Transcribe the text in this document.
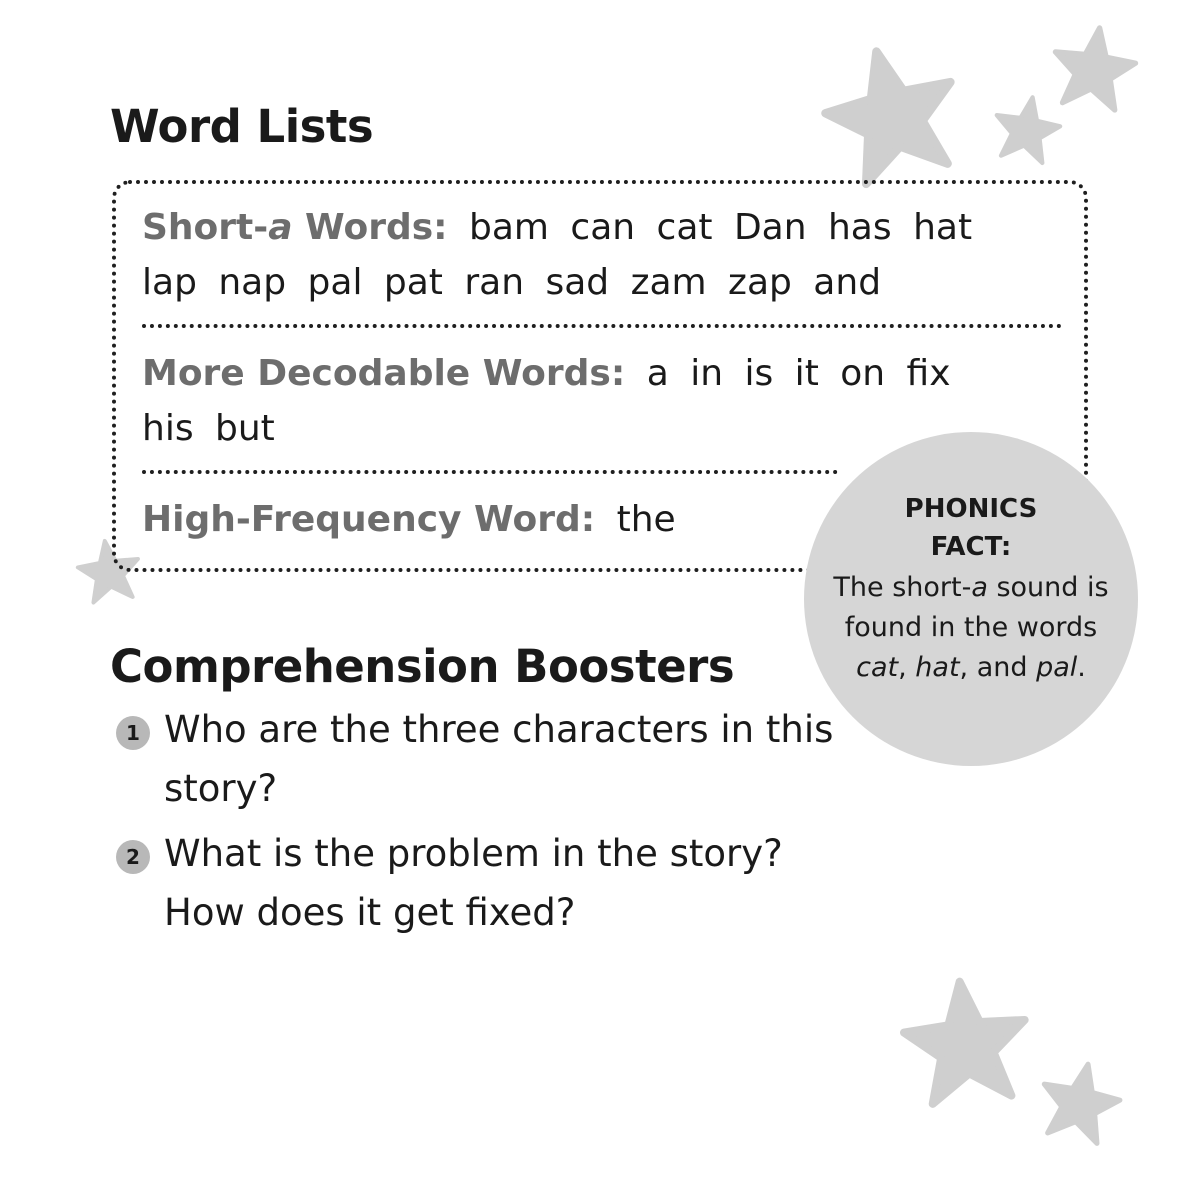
Word Lists
Short-a Words: bam can cat Dan has hat lap nap pal pat ran sad zam zap and
More Decodable Words: a in is it on fix his but
High-Frequency Word: the	PHONICS FACT:
The short-a sound is found in the words cat, hat, and pal.
Comprehension Boosters
1 Who are the three characters in this story?
2 What is the problem in the story? How does it get fixed?
